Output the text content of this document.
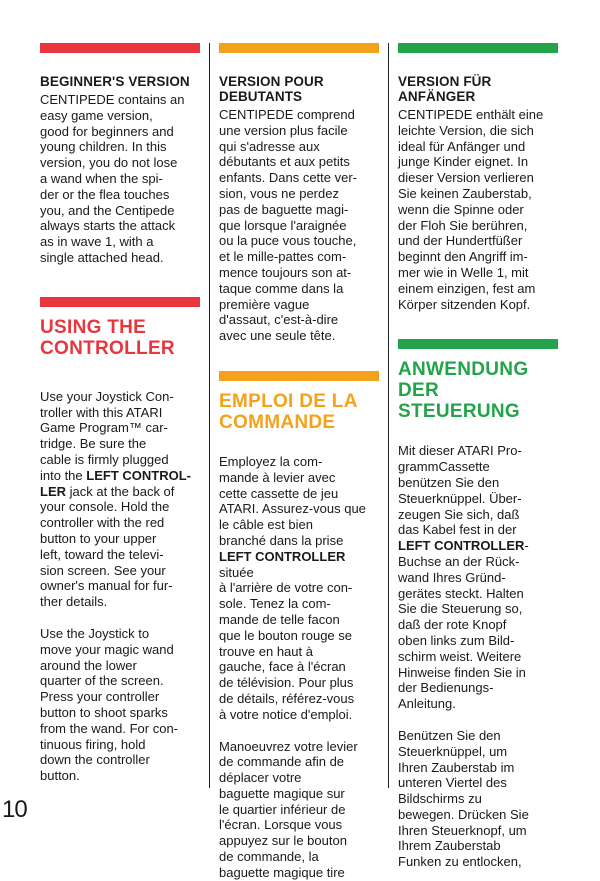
BEGINNER'S VERSION

CENTIPEDE contains an
easy game version,
good for beginners and
young children. In this
version, you do not lose
a wand when the spi-
der or the flea touches
you, and the Centipede
always starts the attack
as in wave 1, with a
single attached head.

USING THE
CONTROLLER

Use your Joystick Con-
troller with this ATARI
Game Program™ car-
tridge. Be sure the
cable is firmly plugged
into the LEFT CONTROL-
LER jack at the back of
your console. Hold the
controller with the red
button to your upper
left, toward the televi-
sion screen. See your
owner's manual for fur-
ther details.

Use the Joystick to
move your magic wand
around the lower
quarter of the screen.
Press your controller
button to shoot sparks
from the wand. For con-
tinuous firing, hold
down the controller
button.

VERSION POUR
DEBUTANTS

CENTIPEDE comprend
une version plus facile
qui s'adresse aux
débutants et aux petits
enfants. Dans cette ver-
sion, vous ne perdez
pas de baguette magi-
que lorsque l'araignée
ou la puce vous touche,
et le mille-pattes com-
mence toujours son at-
taque comme dans la
première vague
d'assaut, c'est-à-dire
avec une seule tête.

EMPLOI DE LA
COMMANDE

Employez la com-
mande à levier avec
cette cassette de jeu
ATARI. Assurez-vous que
le câble est bien
branché dans la prise
LEFT CONTROLLER située
à l'arrière de votre con-
sole. Tenez la com-
mande de telle facon
que le bouton rouge se
trouve en haut à
gauche, face à l'écran
de télévision. Pour plus
de détails, référez-vous
à votre notice d'emploi.

Manoeuvrez votre levier
de commande afin de
déplacer votre
baguette magique sur
le quartier inférieur de
l'écran. Lorsque vous
appuyez sur le bouton
de commande, la
baguette magique tire

VERSION FÜR
ANFÄNGER

CENTIPEDE enthält eine
leichte Version, die sich
ideal für Anfänger und
junge Kinder eignet. In
dieser Version verlieren
Sie keinen Zauberstab,
wenn die Spinne oder
der Floh Sie berühren,
und der Hundertfüßer
beginnt den Angriff im-
mer wie in Welle 1, mit
einem einzigen, fest am
Körper sitzenden Kopf.

ANWENDUNG
DER STEUERUNG

Mit dieser ATARI Pro-
grammCassette
benützen Sie den
Steuerknüppel. Über-
zeugen Sie sich, daß
das Kabel fest in der
LEFT CONTROLLER-
Buchse an der Rück-
wand Ihres Gründ-
gerätes steckt. Halten
Sie die Steuerung so,
daß der rote Knopf
oben links zum Bild-
schirm weist. Weitere
Hinweise finden Sie in
der Bedienungs-
Anleitung.

Benützen Sie den
Steuerknüppel, um
Ihren Zauberstab im
unteren Viertel des
Bildschirms zu
bewegen. Drücken Sie
Ihren Steuerknopf, um
Ihrem Zauberstab
Funken zu entlocken,

10
